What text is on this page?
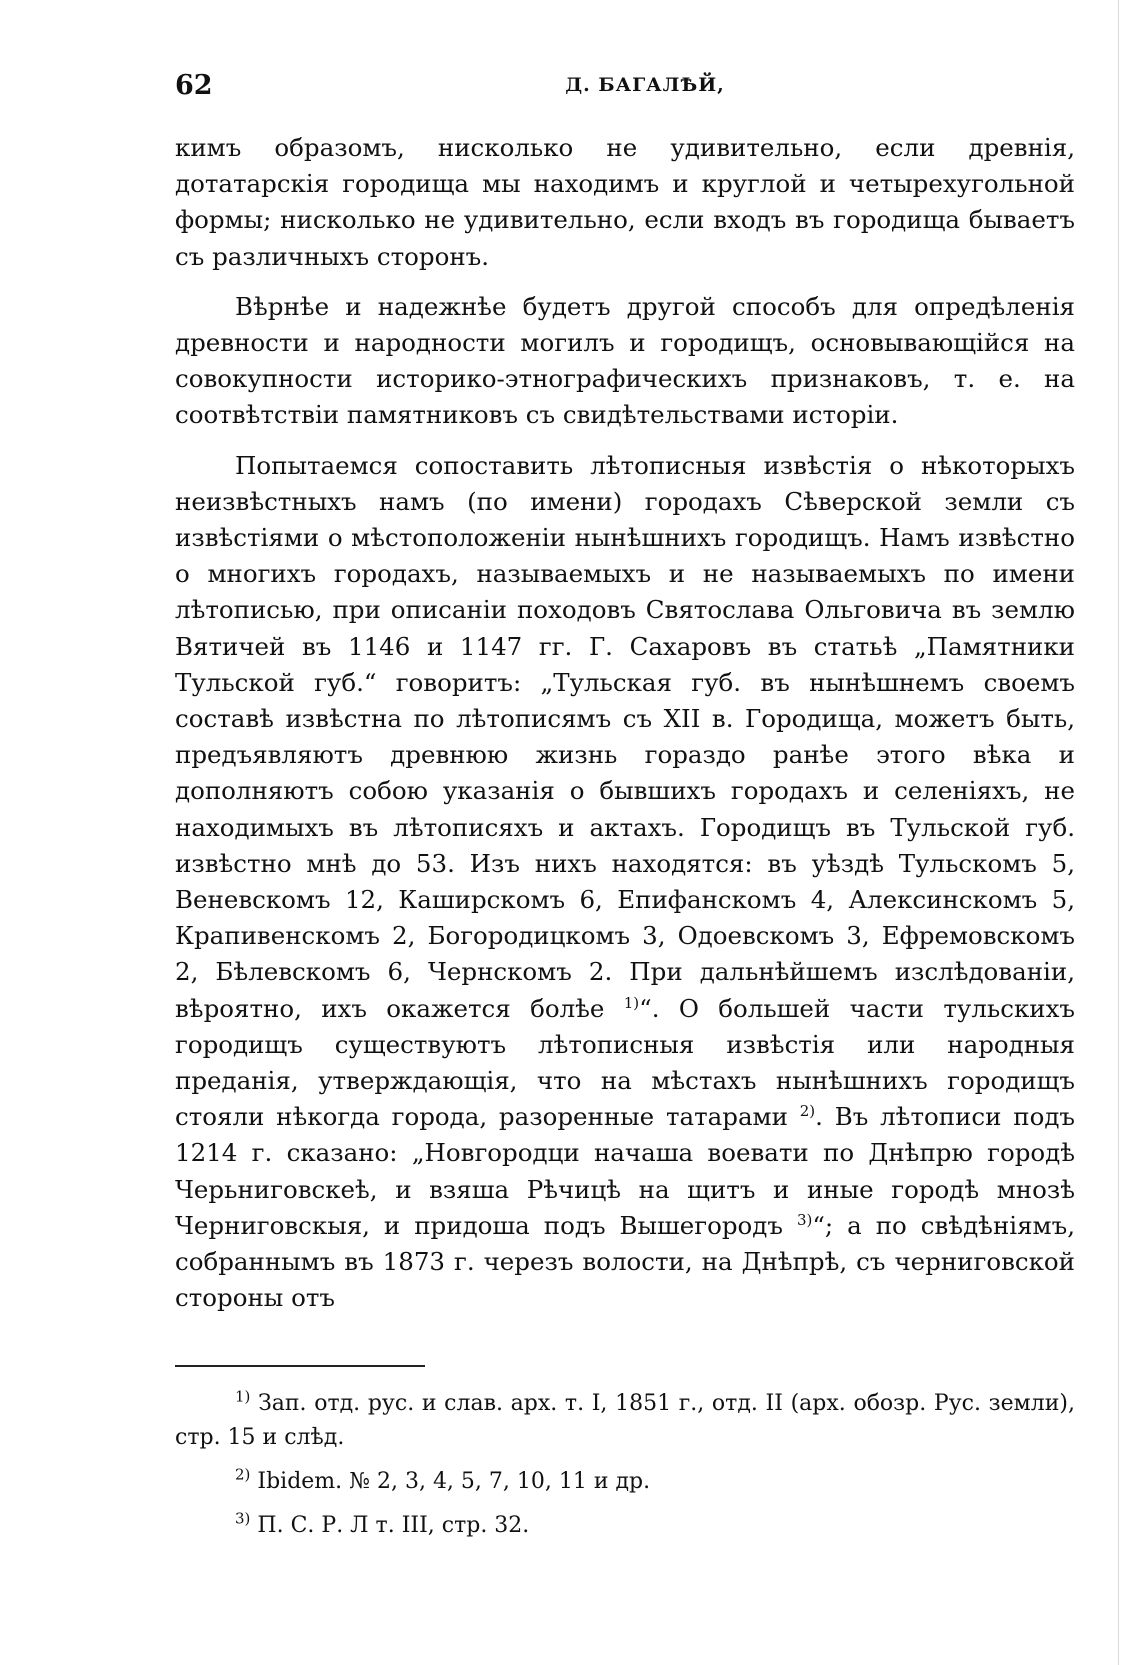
62	Д. БАГАЛѢЙ,

кимъ образомъ, нисколько не удивительно, если древнія, дотатарскія городища мы находимъ и круглой и четырехугольной формы; нисколько не удивительно, если входъ въ городища бываетъ съ различныхъ сторонъ.

Вѣрнѣе и надежнѣе будетъ другой способъ для опредѣленія древности и народности могилъ и городищъ, основывающійся на совокупности историко-этнографическихъ признаковъ, т. е. на соотвѣтствіи памятниковъ съ свидѣтельствами исторіи.

Попытаемся сопоставить лѣтописныя извѣстія о нѣкоторыхъ неизвѣстныхъ намъ (по имени) городахъ Сѣверской земли съ извѣстіями о мѣстоположеніи нынѣшнихъ городищъ. Намъ извѣстно о многихъ городахъ, называемыхъ и не называемыхъ по имени лѣтописью, при описаніи походовъ Святослава Ольговича въ землю Вятичей въ 1146 и 1147 гг. Г. Сахаровъ въ статьѣ „Памятники Тульской губ.“ говоритъ: „Тульская губ. въ нынѣшнемъ своемъ составѣ извѣстна по лѣтописямъ съ XII в. Городища, можетъ быть, предъявляютъ древнюю жизнь гораздо ранѣе этого вѣка и дополняютъ собою указанія о бывшихъ городахъ и селеніяхъ, не находимыхъ въ лѣтописяхъ и актахъ. Городищъ въ Тульской губ. извѣстно мнѣ до 53. Изъ нихъ находятся: въ уѣздѣ Тульскомъ 5, Веневскомъ 12, Каширскомъ 6, Епифанскомъ 4, Алексинскомъ 5, Крапивенскомъ 2, Богородицкомъ 3, Одоевскомъ 3, Ефремовскомъ 2, Бѣлевскомъ 6, Чернскомъ 2. При дальнѣйшемъ изслѣдованіи, вѣроятно, ихъ окажется болѣе $^{1)}$“. О большей части тульскихъ городищъ существуютъ лѣтописныя извѣстія или народныя преданія, утверждающія, что на мѣстахъ нынѣшнихъ городищъ стояли нѣкогда города, разоренные татарами $^{2)}$. Въ лѣтописи подъ 1214 г. сказано: „Новгородци начаша воевати по Днѣпрю городѣ Черьниговскеѣ, и взяша Рѣчицѣ на щитъ и иные городѣ мнозѣ Черниговскыя, и придоша подъ Вышегородъ $^{3)}$“; а по свѣдѣніямъ, собраннымъ въ 1873 г. черезъ волости, на Днѣпрѣ, съ черниговской стороны отъ

$^{1)}$ Зап. отд. рус. и слав. арх. т. I, 1851 г., отд. II (арх. обозр. Рус. земли), стр. 15 и слѣд.

$^{2)}$ Ibidem. № 2, 3, 4, 5, 7, 10, 11 и др.

$^{3)}$ П. С. Р. Л т. III, стр. 32.
